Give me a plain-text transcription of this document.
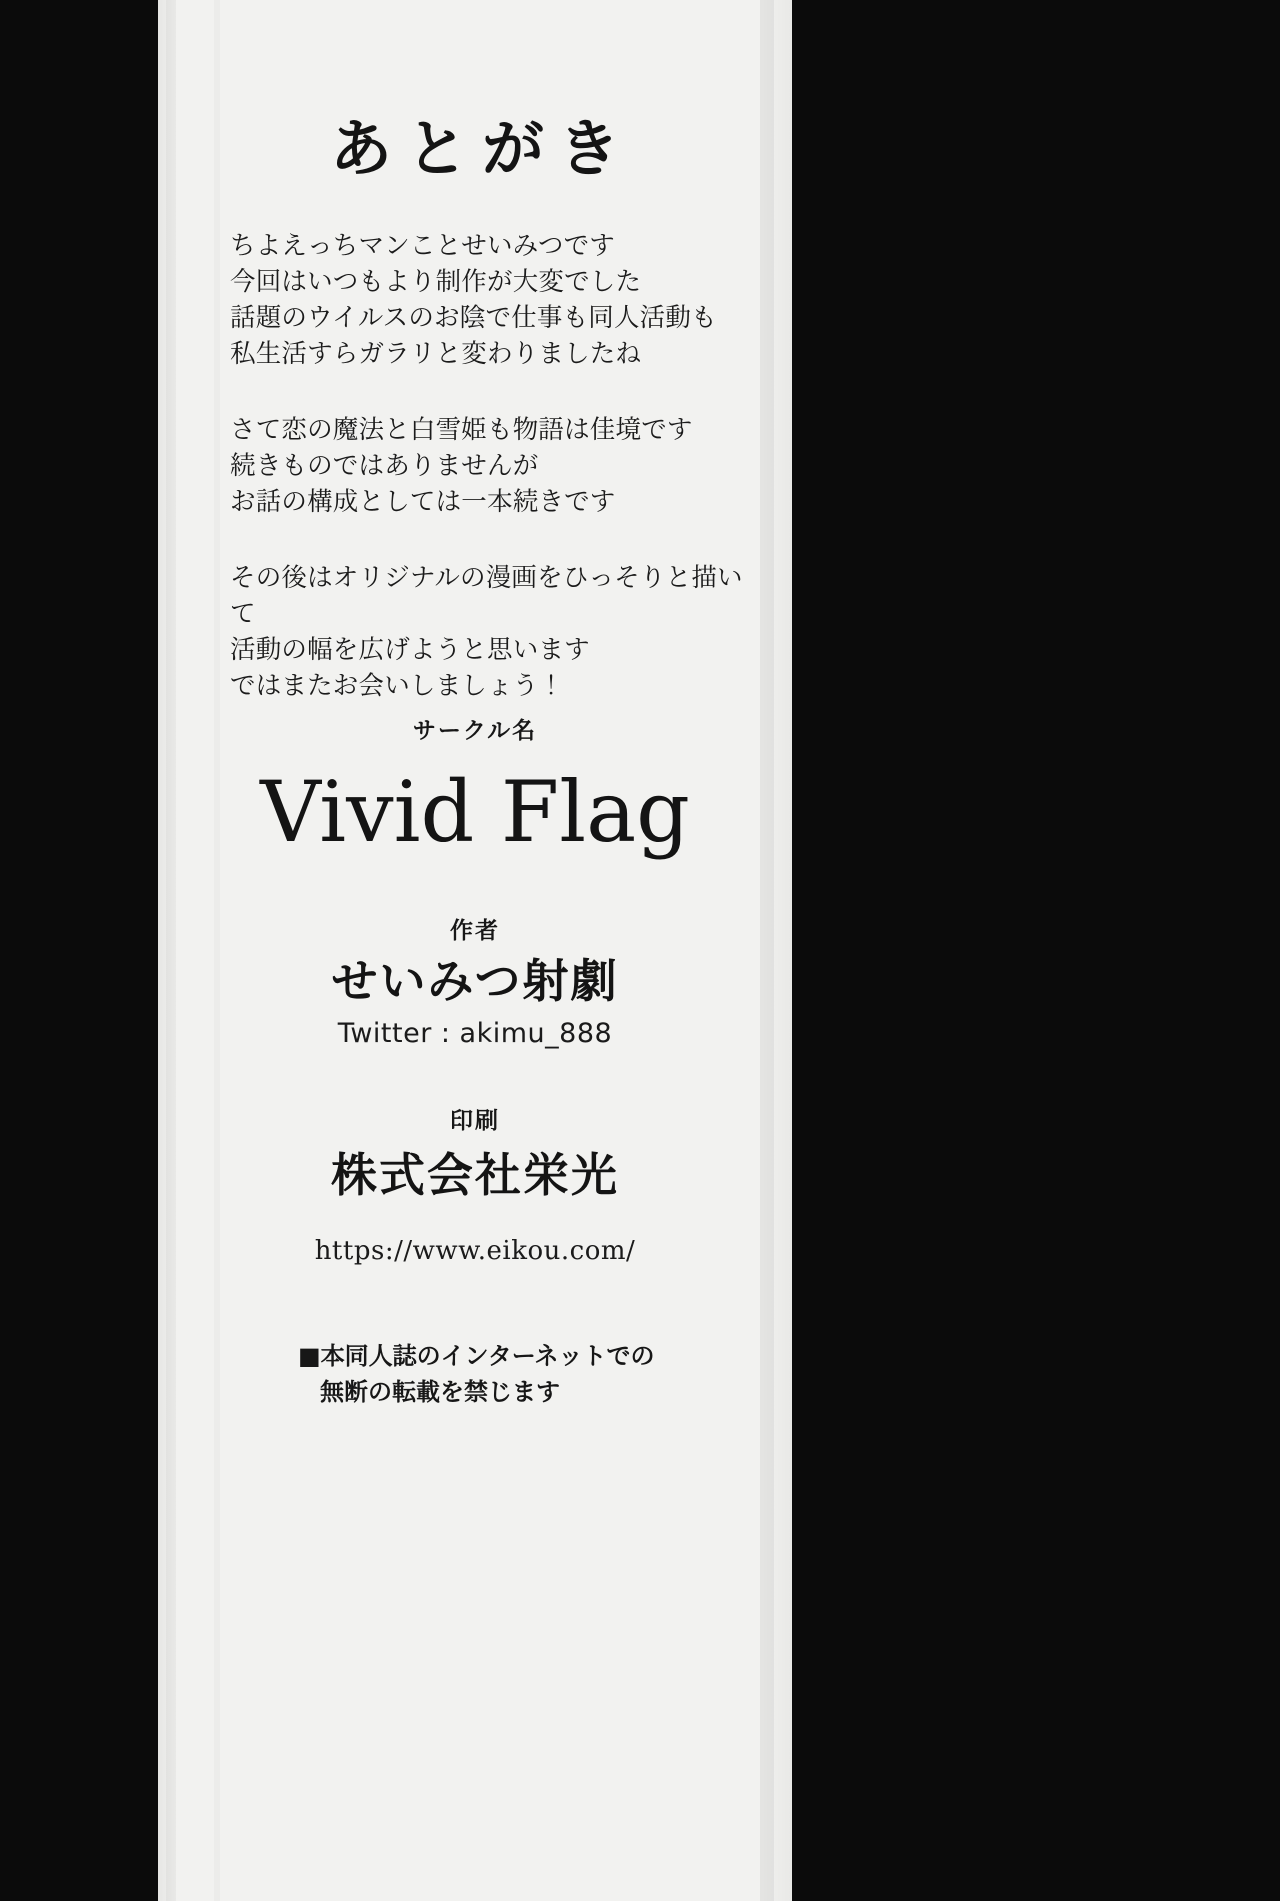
あとがき
ちよえっちマンことせいみつです
今回はいつもより制作が大変でした
話題のウイルスのお陰で仕事も同人活動も
私生活すらガラリと変わりましたね
さて恋の魔法と白雪姫も物語は佳境です
続きものではありませんが
お話の構成としては一本続きです
その後はオリジナルの漫画をひっそりと描いて
活動の幅を広げようと思います
ではまたお会いしましょう！
サークル名
Vivid Flag
作者
せいみつ射劇
Twitter : akimu_888
印刷
株式会社栄光
https://www.eikou.com/
■本同人誌のインターネットでの
無断の転載を禁じます
